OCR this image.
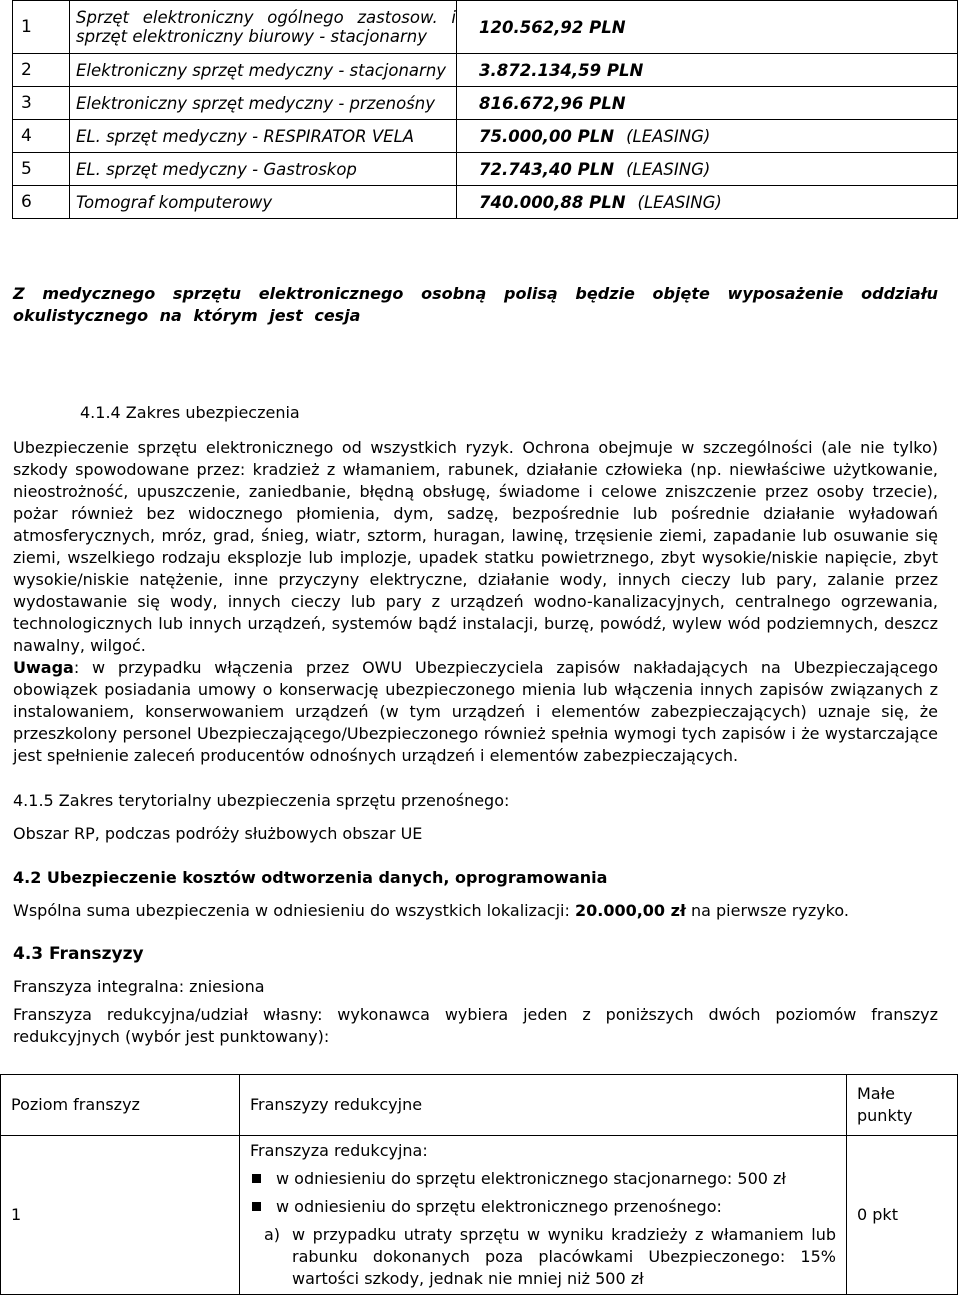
1	Sprzęt elektroniczny ogólnego zastosow. i sprzęt elektroniczny biurowy - stacjonarny	120.562,92 PLN
2	Elektroniczny sprzęt medyczny - stacjonarny	3.872.134,59 PLN
3	Elektroniczny sprzęt medyczny - przenośny	816.672,96 PLN
4	EL. sprzęt medyczny - RESPIRATOR VELA	75.000,00 PLN (LEASING)
5	EL. sprzęt medyczny - Gastroskop	72.743,40 PLN (LEASING)
6	Tomograf komputerowy	740.000,88 PLN (LEASING)
Z medycznego sprzętu elektronicznego osobną polisą będzie objęte wyposażenie oddziału okulistycznego na którym jest cesja
4.1.4 Zakres ubezpieczenia
Ubezpieczenie sprzętu elektronicznego od wszystkich ryzyk. Ochrona obejmuje w szczególności (ale nie tylko) szkody spowodowane przez: kradzież z włamaniem, rabunek, działanie człowieka (np. niewłaściwe użytkowanie, nieostrożność, upuszczenie, zaniedbanie, błędną obsługę, świadome i celowe zniszczenie przez osoby trzecie), pożar również bez widocznego płomienia, dym, sadzę, bezpośrednie lub pośrednie działanie wyładowań atmosferycznych, mróz, grad, śnieg, wiatr, sztorm, huragan, lawinę, trzęsienie ziemi, zapadanie lub osuwanie się ziemi, wszelkiego rodzaju eksplozje lub implozje, upadek statku powietrznego, zbyt wysokie/niskie napięcie, zbyt wysokie/niskie natężenie, inne przyczyny elektryczne, działanie wody, innych cieczy lub pary, zalanie przez wydostawanie się wody, innych cieczy lub pary z urządzeń wodno-kanalizacyjnych, centralnego ogrzewania, technologicznych lub innych urządzeń, systemów bądź instalacji, burzę, powódź, wylew wód podziemnych, deszcz nawalny, wilgoć.
Uwaga: w przypadku włączenia przez OWU Ubezpieczyciela zapisów nakładających na Ubezpieczającego obowiązek posiadania umowy o konserwację ubezpieczonego mienia lub włączenia innych zapisów związanych z instalowaniem, konserwowaniem urządzeń (w tym urządzeń i elementów zabezpieczających) uznaje się, że przeszkolony personel Ubezpieczającego/Ubezpieczonego również spełnia wymogi tych zapisów i że wystarczające jest spełnienie zaleceń producentów odnośnych urządzeń i elementów zabezpieczających.
4.1.5 Zakres terytorialny ubezpieczenia sprzętu przenośnego:
Obszar RP, podczas podróży służbowych obszar UE
4.2 Ubezpieczenie kosztów odtworzenia danych, oprogramowania
Wspólna suma ubezpieczenia w odniesieniu do wszystkich lokalizacji: 20.000,00 zł na pierwsze ryzyko.
4.3 Franszyzy
Franszyza integralna: zniesiona
Franszyza redukcyjna/udział własny: wykonawca wybiera jeden z poniższych dwóch poziomów franszyz redukcyjnych (wybór jest punktowany):
Poziom franszyz	Franszyzy redukcyjne	Małe punkty
1	Franszyza redukcyjna:
w odniesieniu do sprzętu elektronicznego stacjonarnego: 500 zł
w odniesieniu do sprzętu elektronicznego przenośnego:
a) w przypadku utraty sprzętu w wyniku kradzieży z włamaniem lub rabunku dokonanych poza placówkami Ubezpieczonego: 15% wartości szkody, jednak nie mniej niż 500 zł	0 pkt
